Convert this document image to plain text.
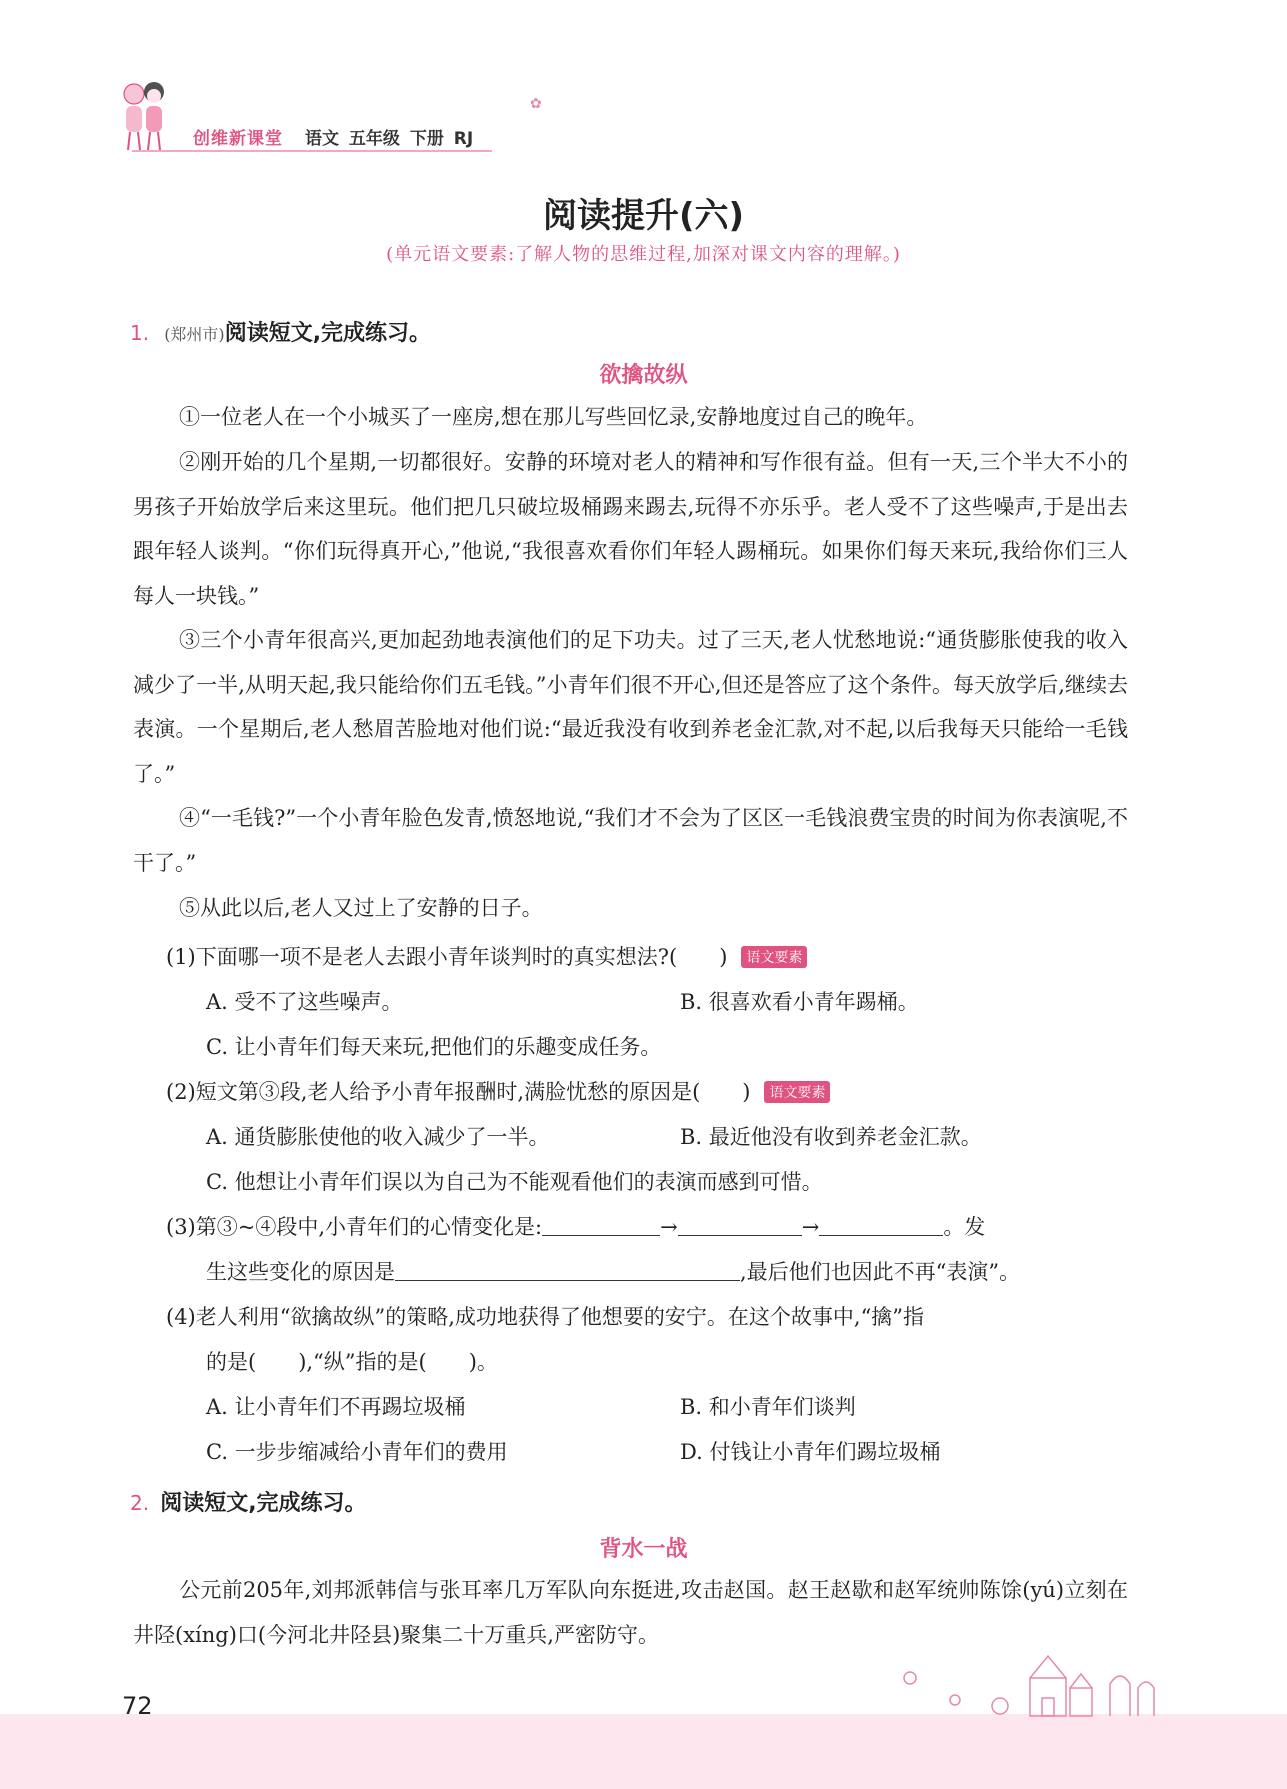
创维新课堂 语文 五年级 下册 RJ
✿
阅读提升(六)
(单元语文要素:了解人物的思维过程,加深对课文内容的理解。)
1. (郑州市)阅读短文,完成练习。
欲擒故纵
①一位老人在一个小城买了一座房,想在那儿写些回忆录,安静地度过自己的晚年。
②刚开始的几个星期,一切都很好。安静的环境对老人的精神和写作很有益。但有一天,三个半大不小的男孩子开始放学后来这里玩。他们把几只破垃圾桶踢来踢去,玩得不亦乐乎。老人受不了这些噪声,于是出去跟年轻人谈判。“你们玩得真开心,”他说,“我很喜欢看你们年轻人踢桶玩。如果你们每天来玩,我给你们三人每人一块钱。”
③三个小青年很高兴,更加起劲地表演他们的足下功夫。过了三天,老人忧愁地说:“通货膨胀使我的收入减少了一半,从明天起,我只能给你们五毛钱。”小青年们很不开心,但还是答应了这个条件。每天放学后,继续去表演。一个星期后,老人愁眉苦脸地对他们说:“最近我没有收到养老金汇款,对不起,以后我每天只能给一毛钱了。”
④“一毛钱?”一个小青年脸色发青,愤怒地说,“我们才不会为了区区一毛钱浪费宝贵的时间为你表演呢,不干了。”
⑤从此以后,老人又过上了安静的日子。
(1)下面哪一项不是老人去跟小青年谈判时的真实想法?(　　) 语文要素
A. 受不了这些噪声。	B. 很喜欢看小青年踢桶。
C. 让小青年们每天来玩,把他们的乐趣变成任务。
(2)短文第③段,老人给予小青年报酬时,满脸忧愁的原因是(　　) 语文要素
A. 通货膨胀使他的收入减少了一半。	B. 最近他没有收到养老金汇款。
C. 他想让小青年们误以为自己为不能观看他们的表演而感到可惜。
(3)第③~④段中,小青年们的心情变化是:	→	→	。发
生这些变化的原因是	,最后他们也因此不再“表演”。
(4)老人利用“欲擒故纵”的策略,成功地获得了他想要的安宁。在这个故事中,“擒”指
的是(　　),“纵”指的是(　　)。
A. 让小青年们不再踢垃圾桶	B. 和小青年们谈判
C. 一步步缩减给小青年们的费用	D. 付钱让小青年们踢垃圾桶
2. 阅读短文,完成练习。
背水一战
公元前205年,刘邦派韩信与张耳率几万军队向东挺进,攻击赵国。赵王赵歇和赵军统帅陈馀(yú)立刻在井陉(xíng)口(今河北井陉县)聚集二十万重兵,严密防守。
72
